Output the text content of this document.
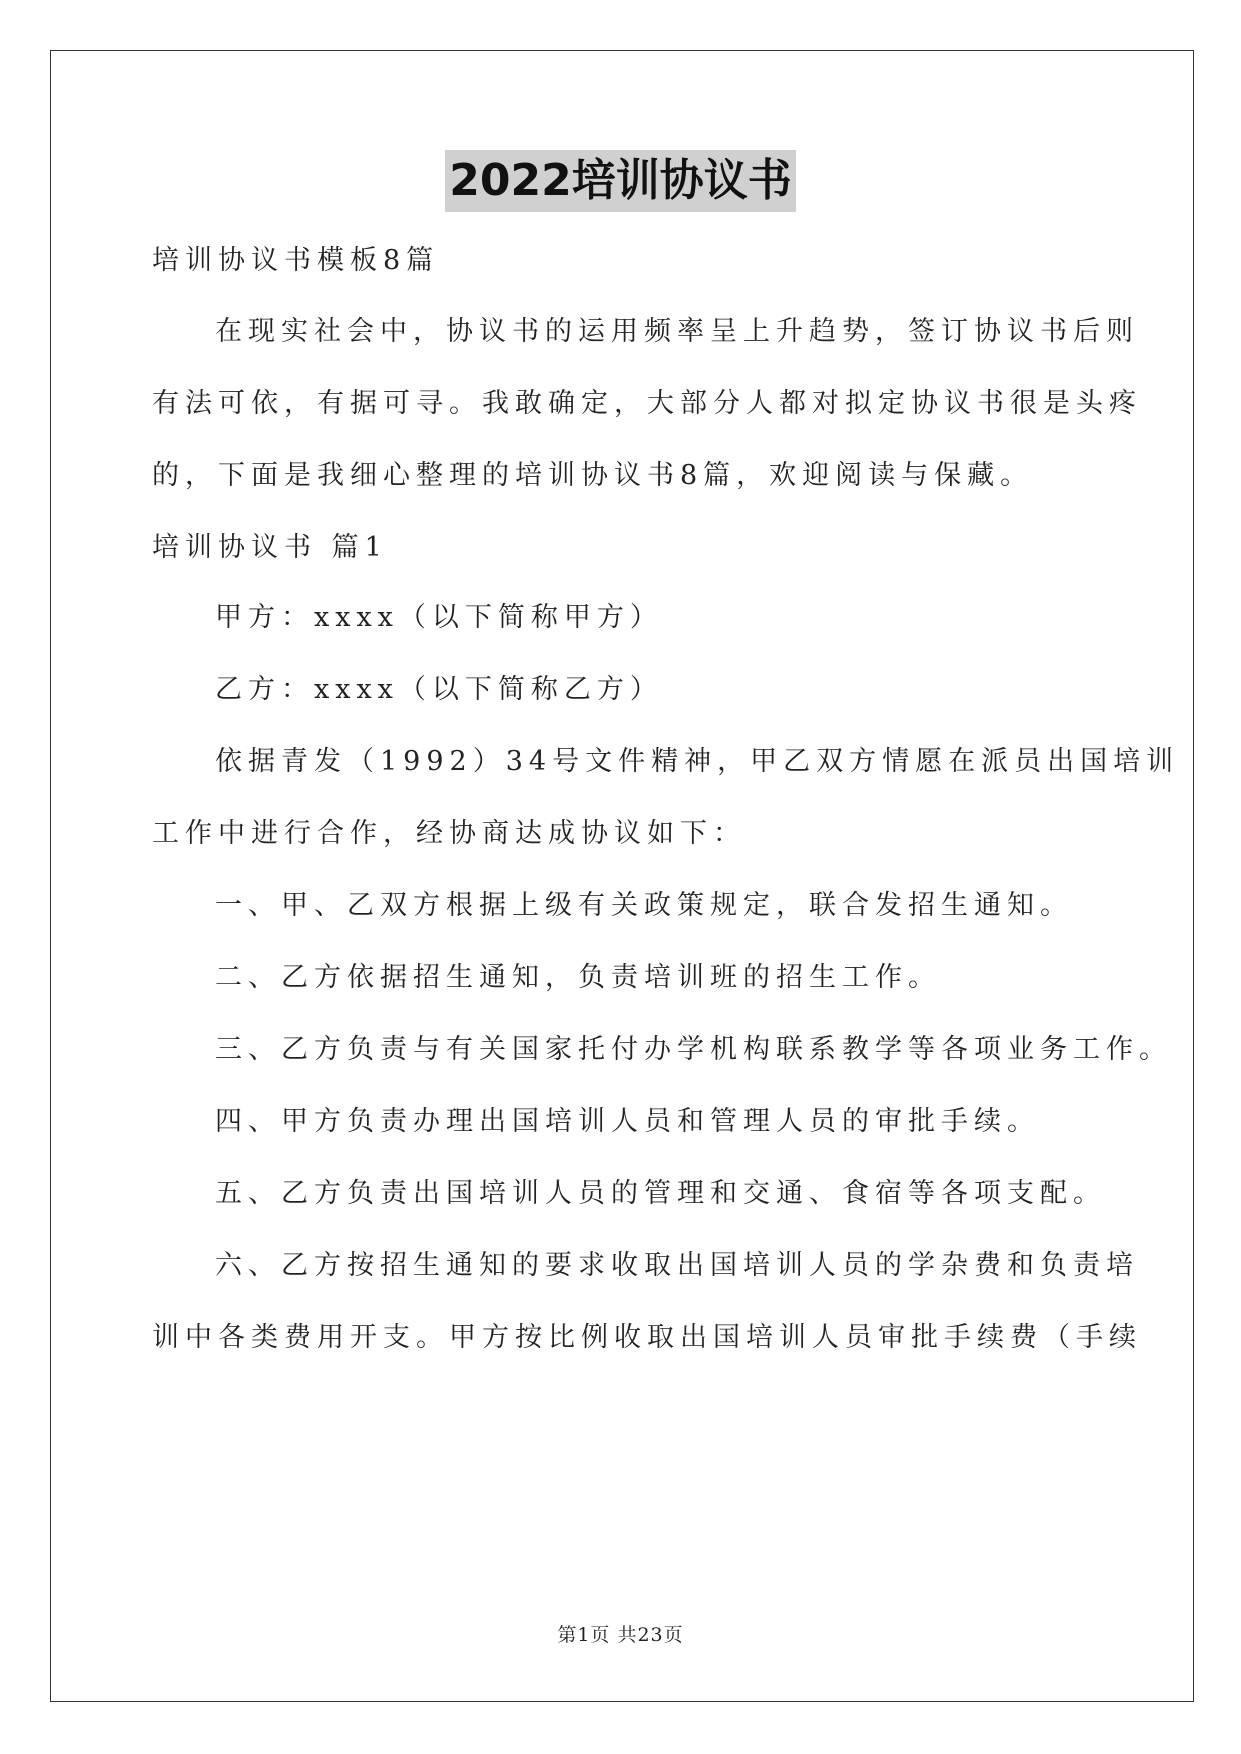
2022培训协议书
培训协议书模板8篇
在现实社会中，协议书的运用频率呈上升趋势，签订协议书后则
有法可依，有据可寻。我敢确定，大部分人都对拟定协议书很是头疼
的，下面是我细心整理的培训协议书8篇，欢迎阅读与保藏。
培训协议书 篇1
甲方：xxxx（以下简称甲方）
乙方：xxxx（以下简称乙方）
依据青发（1992）34号文件精神，甲乙双方情愿在派员出国培训
工作中进行合作，经协商达成协议如下：
一、甲、乙双方根据上级有关政策规定，联合发招生通知。
二、乙方依据招生通知，负责培训班的招生工作。
三、乙方负责与有关国家托付办学机构联系教学等各项业务工作。
四、甲方负责办理出国培训人员和管理人员的审批手续。
五、乙方负责出国培训人员的管理和交通、食宿等各项支配。
六、乙方按招生通知的要求收取出国培训人员的学杂费和负责培
训中各类费用开支。甲方按比例收取出国培训人员审批手续费（手续
第1页 共23页
